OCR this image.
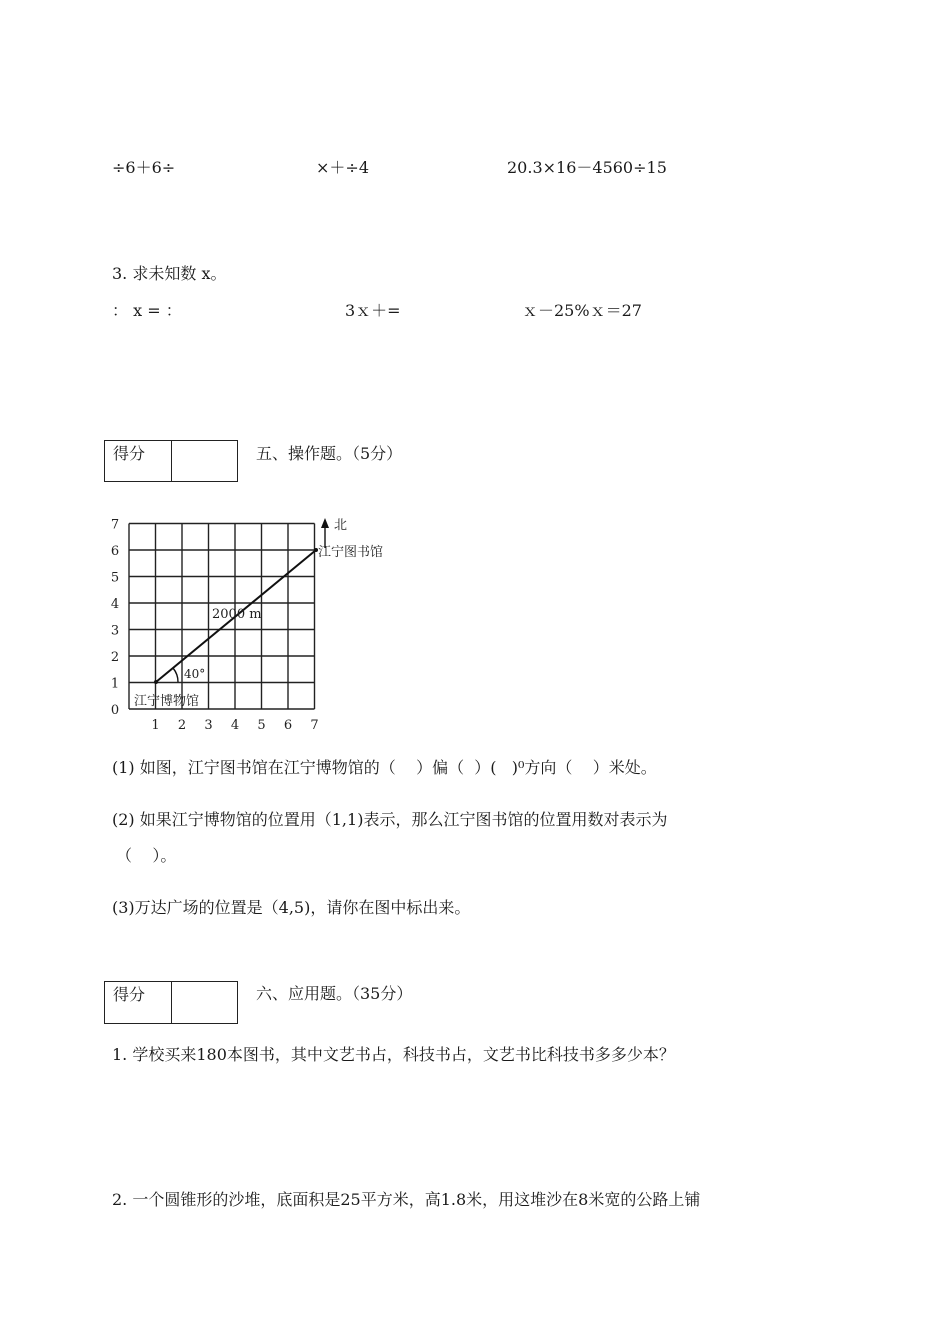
÷6＋6÷	×＋÷4	20.3×16－4560÷15
3. 求未知数 x。
： x = ：	3ｘ＋=	ｘ－25%ｘ＝27
得分	五、操作题。（5分）
0
1
2
3
4
5
6
7
1 2 3 4 5 6 7
2000 m
40°
北
江宁图书馆
江宁博物馆
(1) 如图，江宁图书馆在江宁博物馆的（    ）偏（  ）(   )⁰方向（    ）米处。
(2) 如果江宁博物馆的位置用（1,1)表示，那么江宁图书馆的位置用数对表示为
（    ）。
(3)万达广场的位置是（4,5)，请你在图中标出来。
得分	六、应用题。（35分）
1. 学校买来180本图书，其中文艺书占，科技书占，文艺书比科技书多多少本？
2. 一个圆锥形的沙堆，底面积是25平方米，高1.8米，用这堆沙在8米宽的公路上铺
